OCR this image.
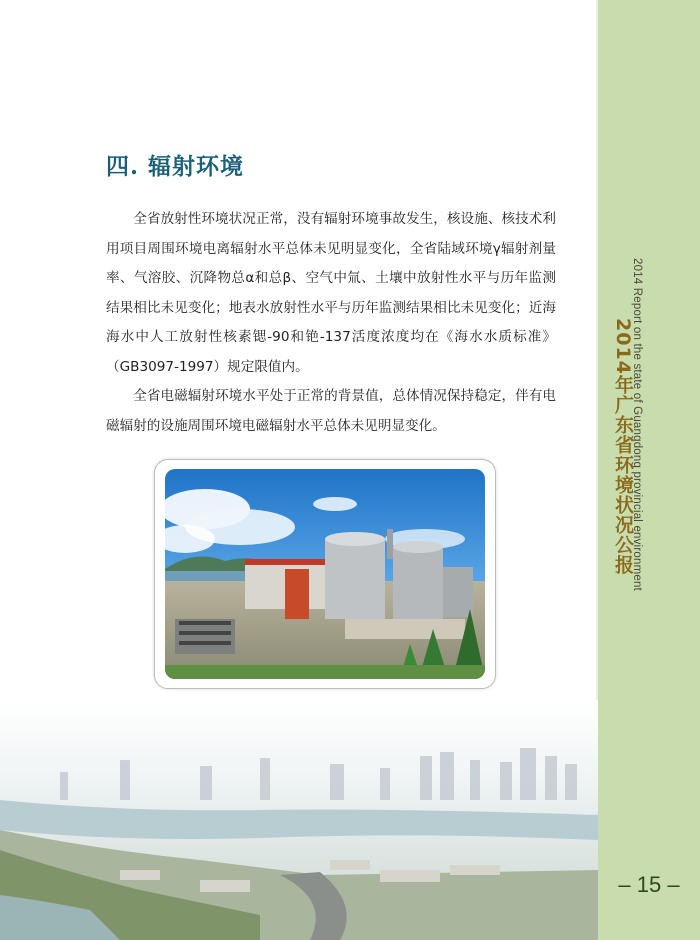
2014 Report on the state of Guangdong provincial environment
2014年广东省环境状况公报
四. 辐射环境

全省放射性环境状况正常，没有辐射环境事故发生，核设施、核技术利用项目周围环境电离辐射水平总体未见明显变化，全省陆域环境γ辐射剂量率、气溶胶、沉降物总α和总β、空气中氚、土壤中放射性水平与历年监测结果相比未见变化；地表水放射性水平与历年监测结果相比未见变化；近海海水中人工放射性核素锶-90和铯-137活度浓度均在《海水水质标准》（GB3097-1997）规定限值内。

全省电磁辐射环境水平处于正常的背景值，总体情况保持稳定，伴有电磁辐射的设施周围环境电磁辐射水平总体未见明显变化。

– 15 –
